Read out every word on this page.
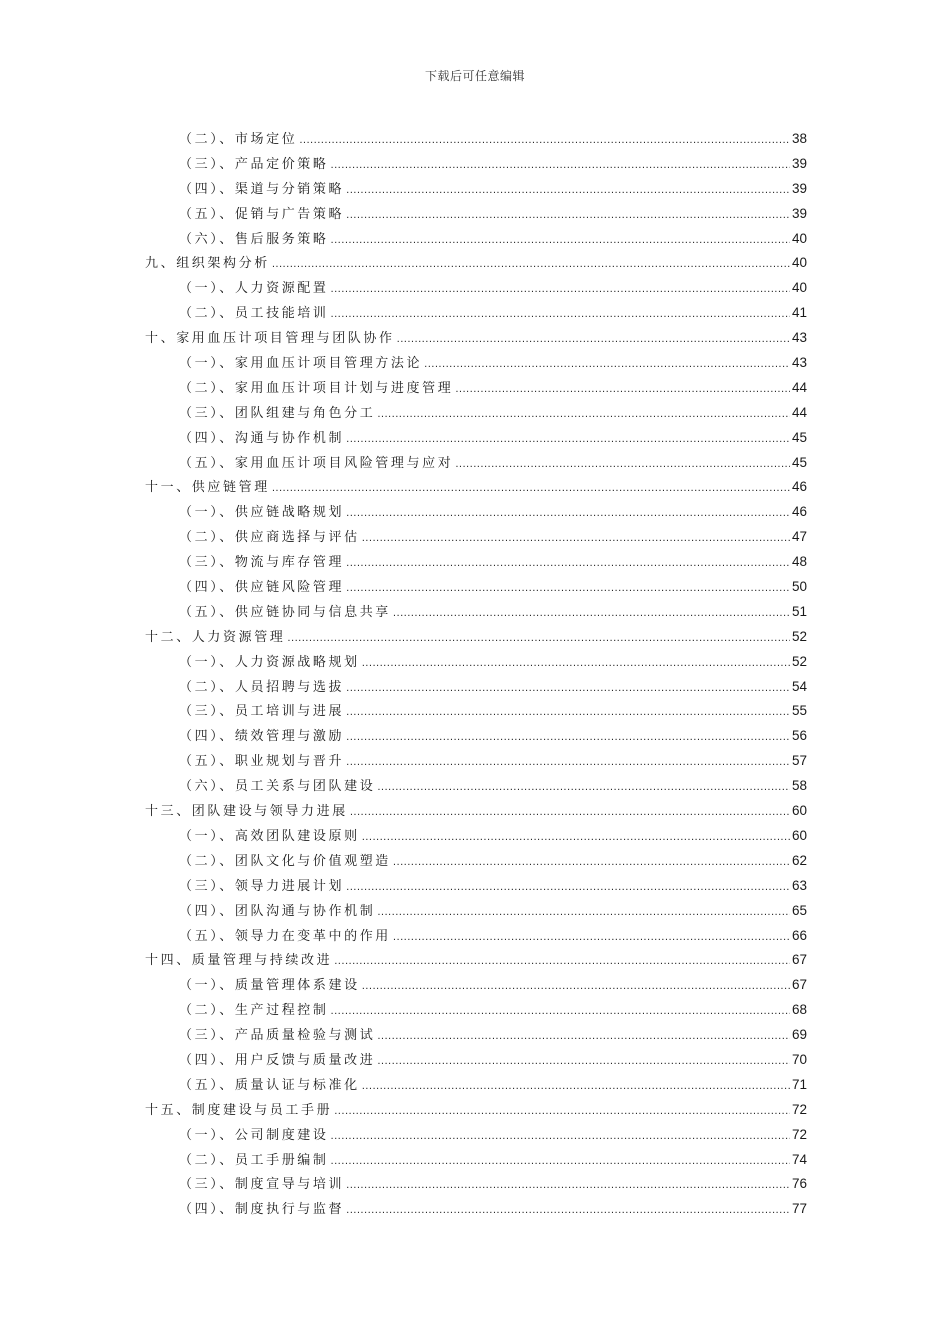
下载后可任意编辑
（二）、市场定位 .....	38
（三）、产品定价策略 .....	39
（四）、渠道与分销策略 .....	39
（五）、促销与广告策略 .....	39
（六）、售后服务策略 .....	40
九、组织架构分析 .....	40
（一）、人力资源配置 .....	40
（二）、员工技能培训 .....	41
十、家用血压计项目管理与团队协作 .....	43
（一）、家用血压计项目管理方法论 .....	43
（二）、家用血压计项目计划与进度管理 .....	44
（三）、团队组建与角色分工 .....	44
（四）、沟通与协作机制 .....	45
（五）、家用血压计项目风险管理与应对 .....	45
十一、供应链管理 .....	46
（一）、供应链战略规划 .....	46
（二）、供应商选择与评估 .....	47
（三）、物流与库存管理 .....	48
（四）、供应链风险管理 .....	50
（五）、供应链协同与信息共享 .....	51
十二、人力资源管理 .....	52
（一）、人力资源战略规划 .....	52
（二）、人员招聘与选拔 .....	54
（三）、员工培训与进展 .....	55
（四）、绩效管理与激励 .....	56
（五）、职业规划与晋升 .....	57
（六）、员工关系与团队建设 .....	58
十三、团队建设与领导力进展 .....	60
（一）、高效团队建设原则 .....	60
（二）、团队文化与价值观塑造 .....	62
（三）、领导力进展计划 .....	63
（四）、团队沟通与协作机制 .....	65
（五）、领导力在变革中的作用 .....	66
十四、质量管理与持续改进 .....	67
（一）、质量管理体系建设 .....	67
（二）、生产过程控制 .....	68
（三）、产品质量检验与测试 .....	69
（四）、用户反馈与质量改进 .....	70
（五）、质量认证与标准化 .....	71
十五、制度建设与员工手册 .....	72
（一）、公司制度建设 .....	72
（二）、员工手册编制 .....	74
（三）、制度宣导与培训 .....	76
（四）、制度执行与监督 .....	77
